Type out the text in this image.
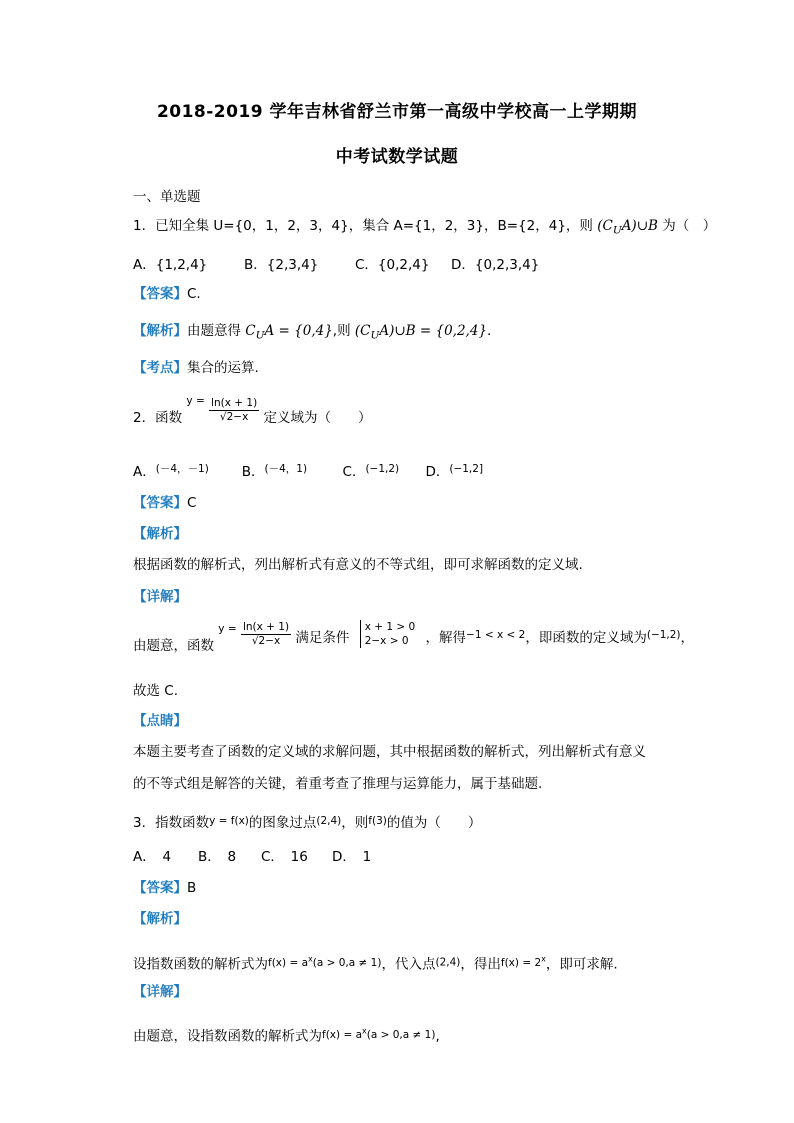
2018-2019 学年吉林省舒兰市第一高级中学校高一上学期期
中考试数学试题
一、单选题
1．已知全集 U={0，1，2，3，4}，集合 A={1，2，3}，B={2，4}，则 $(C_UA)\cup B$ 为（　）
A．{1,2,4}	B．{2,3,4}	C．{0,2,4} D．{0,2,3,4}
【答案】C.
【解析】由题意得 $C_UA = \{0,4\}$,则 $(C_UA)\cup B = \{0,2,4\}$.
【考点】集合的运算.
2．函数 $^{y =} \frac{\ln(x + 1)}{√2-x}$ 定义域为（　　）
A．(－4，－1) B．(－4，1)	C．(−1,2) D．(−1,2]
【答案】C
【解析】
根据函数的解析式，列出解析式有意义的不等式组，即可求解函数的定义域.
【详解】
由题意，函数 $^{y =} \frac{\ln(x + 1)}{√2-x}$ 满足条件
x + 1 > 0
2−x > 0	，解得−1 < x < 2，即函数的定义域为(−1,2)，
故选 C.
【点睛】
本题主要考查了函数的定义域的求解问题，其中根据函数的解析式，列出解析式有意义
的不等式组是解答的关键，着重考查了推理与运算能力，属于基础题.
3．指数函数$^{y = f(x)}$的图象过点$^{(2,4)}$，则$^{f(3)}$的值为（　　）
A．　4 B．　8 C．　16 D．　1
【答案】B
【解析】
设指数函数的解析式为$^{f(x) = a^x(a > 0,a \ne 1)}$，代入点$^{(2,4)}$，得出$^{f(x) = 2^x}$，即可求解.
【详解】
由题意，设指数函数的解析式为$^{f(x) = a^x(a > 0,a \ne 1)}$,
